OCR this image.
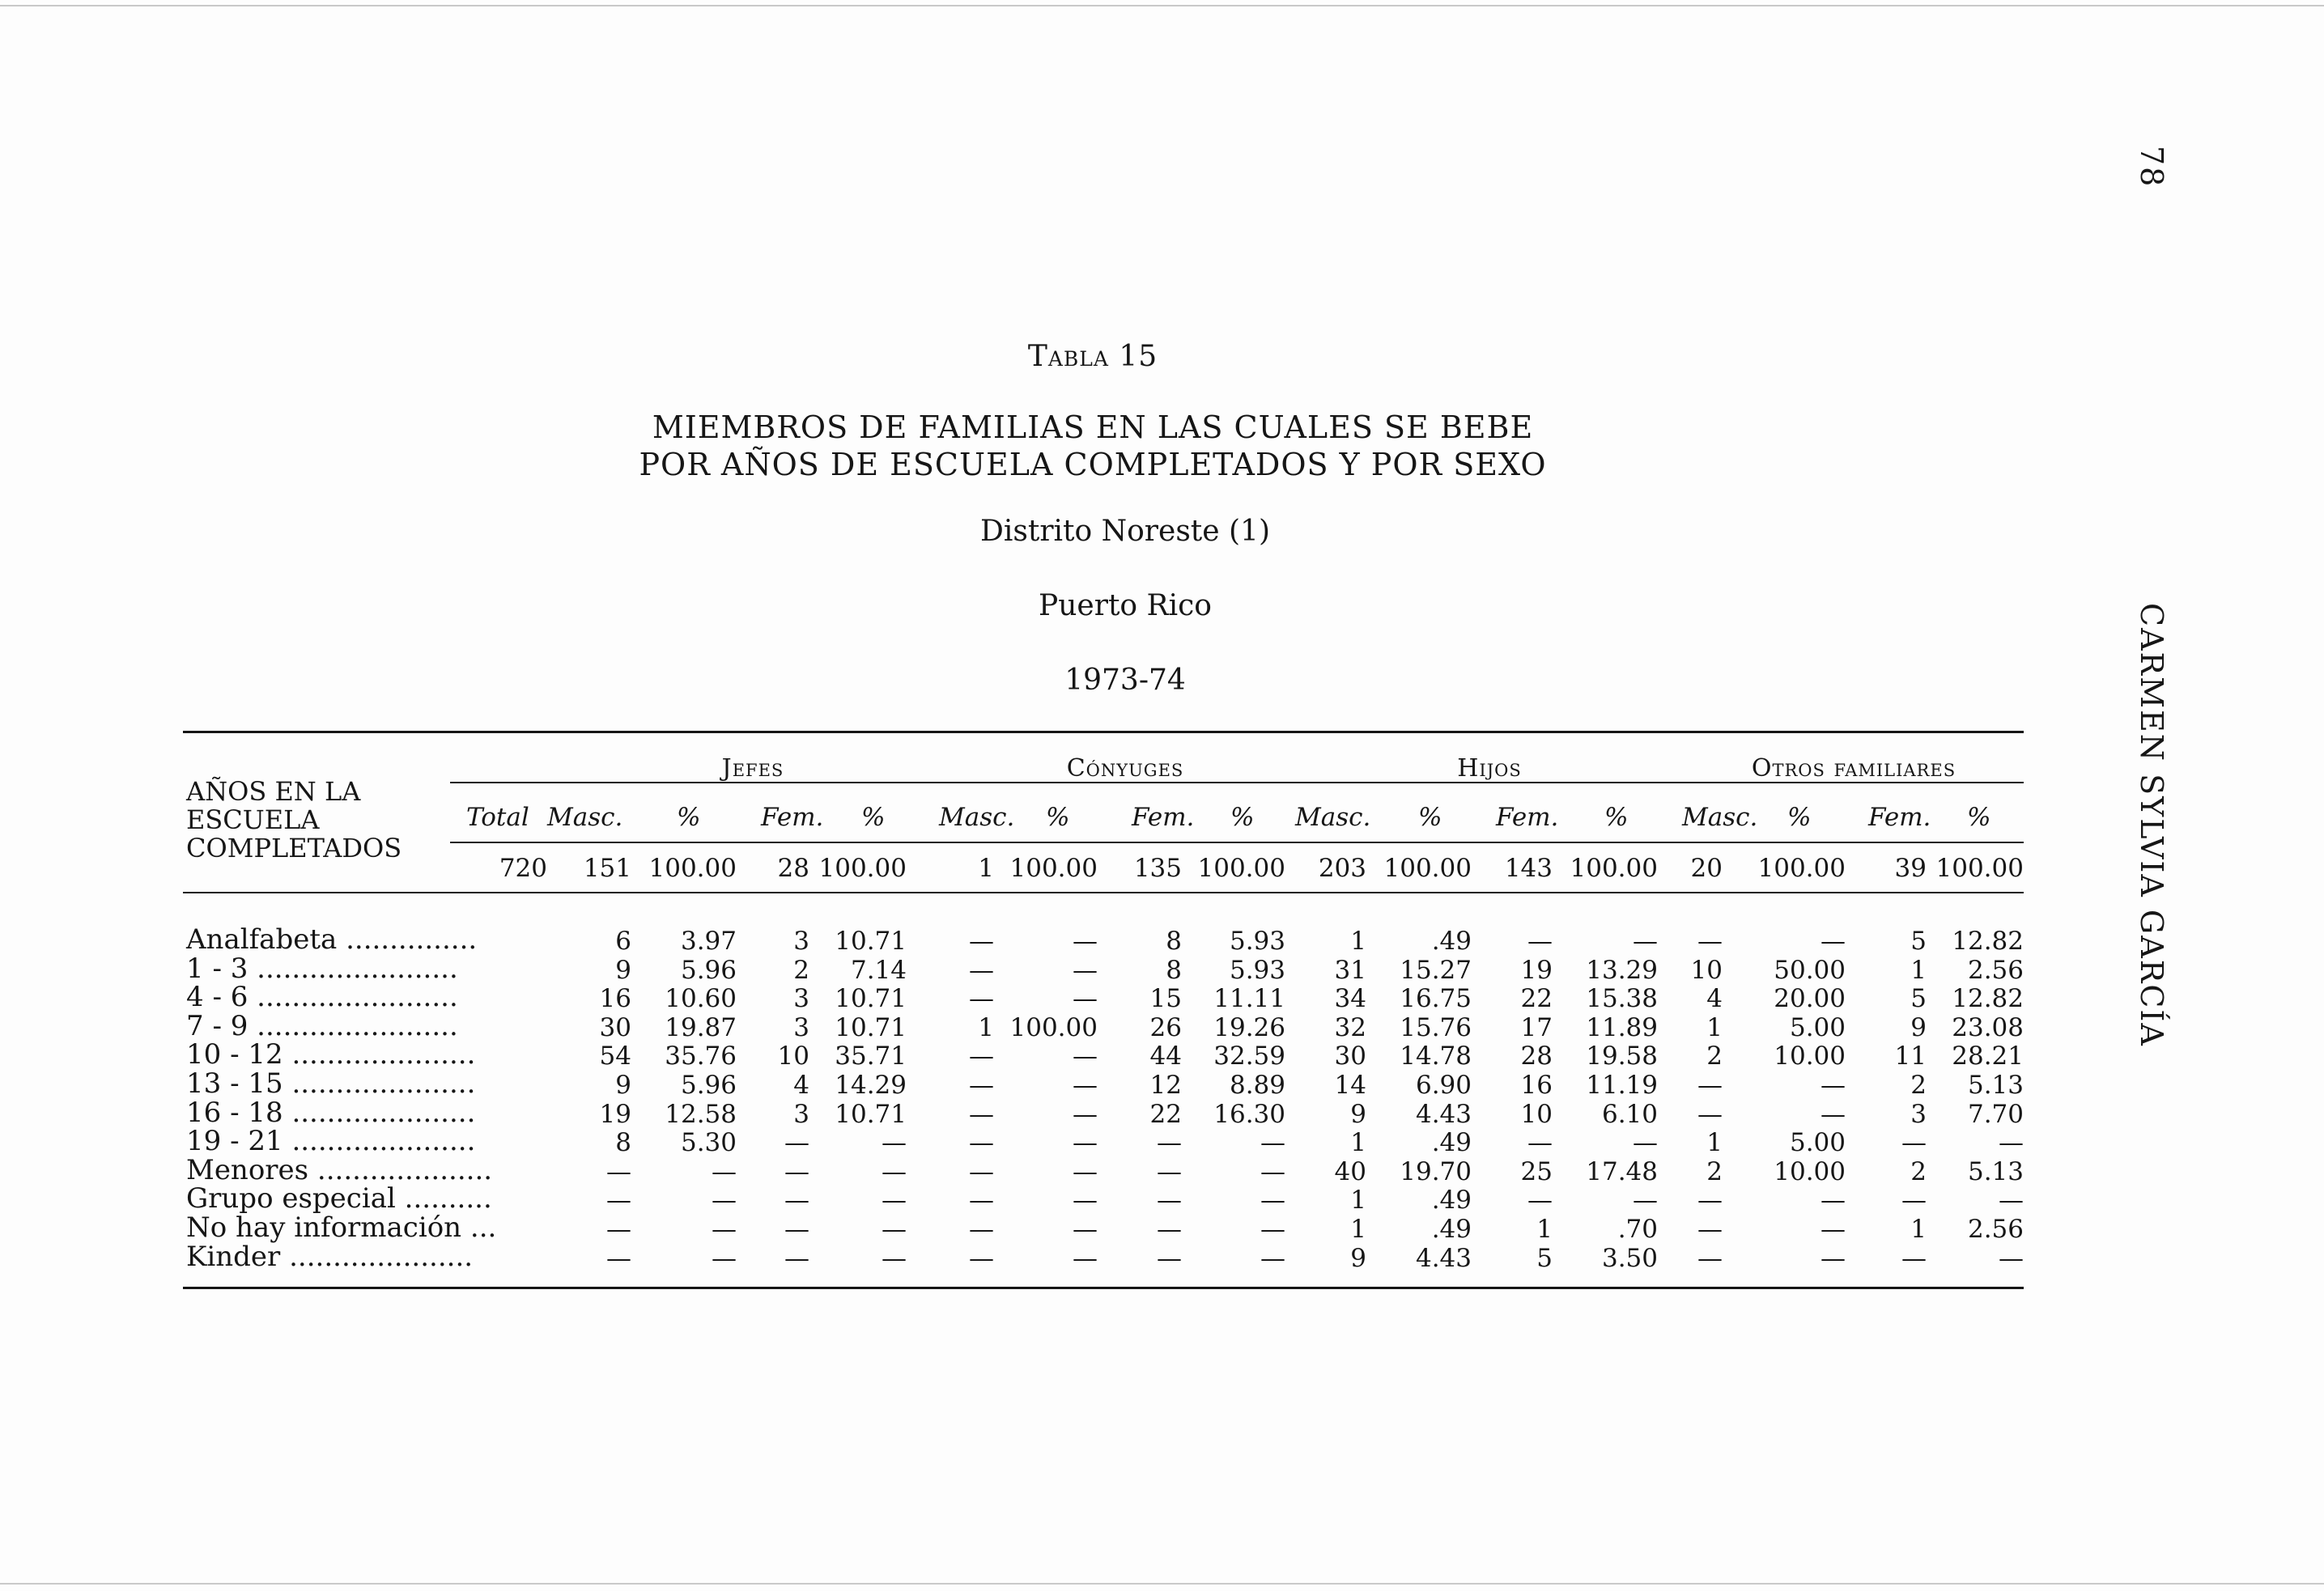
78
CARMEN SYLVIA GARCÍA
Tabla 15
MIEMBROS DE FAMILIAS EN LAS CUALES SE BEBE
POR AÑOS DE ESCUELA COMPLETADOS Y POR SEXO
Distrito Noreste (1)
Puerto Rico
1973-74
AÑOS EN LA
ESCUELA
COMPLETADOS
Jefes	Cónyuges	Hijos	Otros familiares
Total Masc. % Fem. % Masc. % Fem. % Masc. % Fem. % Masc. % Fem. %
720	151 100.00	28 100.00	1 100.00	135 100.00	203 100.00	143 100.00	20	100.00	39 100.00
Analfabeta ...............	6	3.97	3	10.71	—	—	8	5.93	1	.49	—	—	—	—	5	12.82
1 - 3 .......................	9	5.96	2	7.14	—	—	8	5.93	31	15.27	19	13.29	10	50.00	1	2.56
4 - 6 .......................	16	10.60	3	10.71	—	—	15	11.11	34	16.75	22	15.38	4	20.00	5	12.82
7 - 9 .......................	30	19.87	3	10.71	1 100.00	26	19.26	32	15.76	17	11.89	1	5.00	9	23.08
10 - 12 .....................	54	35.76	10	35.71	—	—	44	32.59	30	14.78	28	19.58	2	10.00	11	28.21
13 - 15 .....................	9	5.96	4	14.29	—	—	12	8.89	14	6.90	16	11.19	—	—	2	5.13
16 - 18 .....................	19	12.58	3	10.71	—	—	22	16.30	9	4.43	10	6.10	—	—	3	7.70
19 - 21 .....................	8	5.30	—	—	—	—	—	—	1	.49	—	—	1	5.00	—	—
Menores ....................	—	—	—	—	—	—	—	—	40	19.70	25	17.48	2	10.00	2	5.13
Grupo especial ..........	—	—	—	—	—	—	—	—	1	.49	—	—	—	—	—	—
No hay información ...	—	—	—	—	—	—	—	—	1	.49	1	.70	—	—	1	2.56
Kinder .....................	—	—	—	—	—	—	—	—	9	4.43	5	3.50	—	—	—	—
